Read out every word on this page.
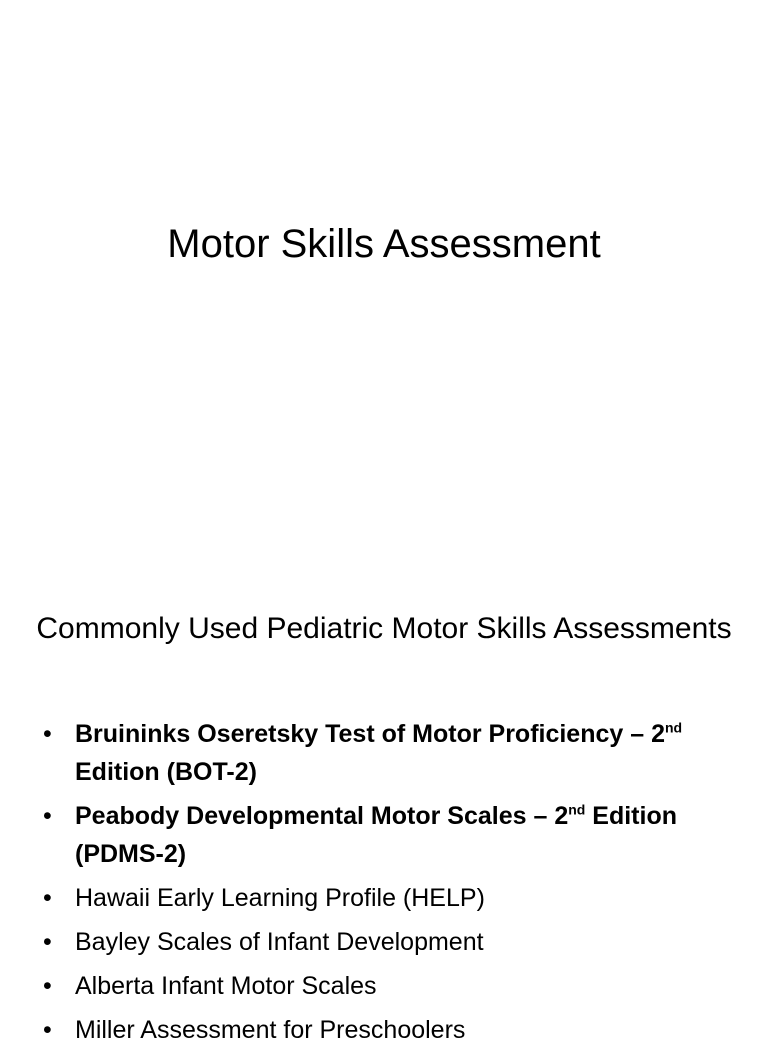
Motor Skills Assessment
Commonly Used Pediatric Motor Skills Assessments
• Bruininks Oseretsky Test of Motor Proficiency – 2nd Edition (BOT-2)
• Peabody Developmental Motor Scales – 2nd Edition (PDMS-2)
• Hawaii Early Learning Profile (HELP)
• Bayley Scales of Infant Development
• Alberta Infant Motor Scales
• Miller Assessment for Preschoolers
